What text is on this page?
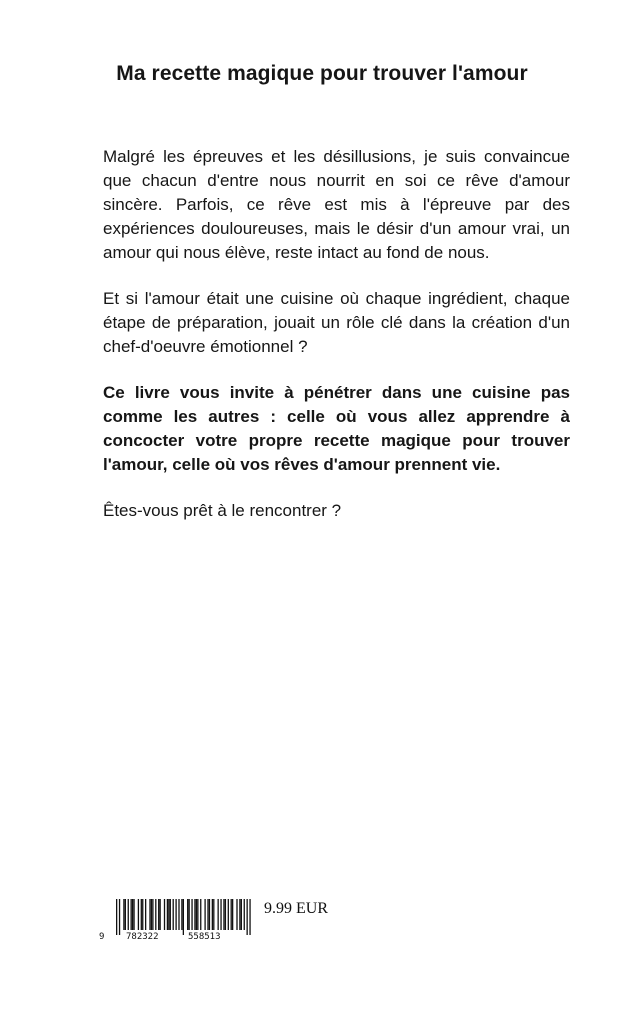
Ma recette magique pour trouver l'amour

Malgré les épreuves et les désillusions, je suis convaincue que chacun d'entre nous nourrit en soi ce rêve d'amour sincère. Parfois, ce rêve est mis à l'épreuve par des expériences douloureuses, mais le désir d'un amour vrai, un amour qui nous élève, reste intact au fond de nous.

Et si l'amour était une cuisine où chaque ingrédient, chaque étape de préparation, jouait un rôle clé dans la création d'un chef-d'oeuvre émotionnel ?

Ce livre vous invite à pénétrer dans une cuisine pas comme les autres : celle où vous allez apprendre à concocter votre propre recette magique pour trouver l'amour, celle où vos rêves d'amour prennent vie.

Êtes-vous prêt à le rencontrer ?

9 782322	558513
9.99 EUR
